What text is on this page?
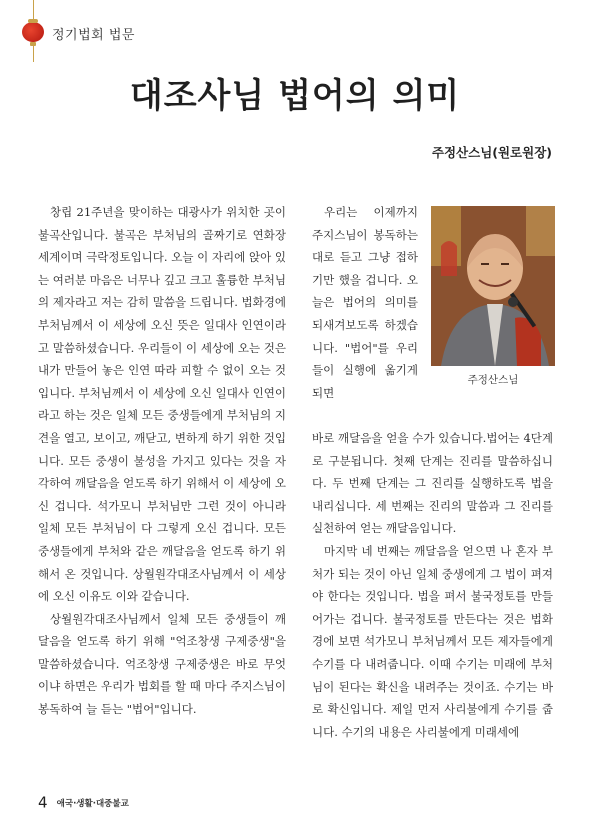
정기법회 법문
대조사님 법어의 의미
주정산스님(원로원장)

창립 21주년을 맞이하는 대광사가 위치한 곳이 불곡산입니다. 불곡은 부처님의 골짜기로 연화장 세계이며 극락정토입니다. 오늘 이 자리에 앉아 있는 여러분 마음은 너무나 깊고 크고 훌륭한 부처님의 제자라고 저는 감히 말씀을 드립니다. 법화경에 부처님께서 이 세상에 오신 뜻은 일대사 인연이라고 말씀하셨습니다. 우리들이 이 세상에 오는 것은 내가 만들어 놓은 인연 따라 피할 수 없이 오는 것입니다. 부처님께서 이 세상에 오신 일대사 인연이라고 하는 것은 일체 모든 중생들에게 부처님의 지견을 열고, 보이고, 깨닫고, 변하게 하기 위한 것입니다. 모든 중생이 불성을 가지고 있다는 것을 자각하여 깨달음을 얻도록 하기 위해서 이 세상에 오신 겁니다. 석가모니 부처님만 그런 것이 아니라 일체 모든 부처님이 다 그렇게 오신 겁니다. 모든 중생들에게 부처와 같은 깨달음을 얻도록 하기 위해서 온 것입니다. 상월원각대조사님께서 이 세상에 오신 이유도 이와 같습니다.

상월원각대조사님께서 일체 모든 중생들이 깨달음을 얻도록 하기 위해 "억조창생 구제중생"을 말씀하셨습니다. 억조창생 구제중생은 바로 무엇이냐 하면은 우리가 법회를 할 때 마다 주지스님이 봉독하여 늘 듣는 "법어"입니다.

우리는 이제까지 주지스님이 봉독하는 대로 듣고 그냥 접하기만 했을 겁니다. 오늘은 법어의 의미를 되새겨보도록 하겠습니다. "법어"를 우리들이 실행에 옮기게 되면

주정산스님

바로 깨달음을 얻을 수가 있습니다.법어는 4단계로 구분됩니다. 첫째 단계는 진리를 말씀하십니다. 두 번째 단계는 그 진리를 실행하도록 법을 내리십니다. 세 번째는 진리의 말씀과 그 진리를 실천하여 얻는 깨달음입니다.

마지막 네 번째는 깨달음을 얻으면 나 혼자 부처가 되는 것이 아닌 일체 중생에게 그 법이 펴져야 한다는 것입니다. 법을 펴서 불국정토를 만들어가는 겁니다. 불국정토를 만든다는 것은 법화경에 보면 석가모니 부처님께서 모든 제자들에게 수기를 다 내려줍니다. 이때 수기는 미래에 부처님이 된다는 확신을 내려주는 것이죠. 수기는 바로 확신입니다. 제일 먼저 사리불에게 수기를 줍니다. 수기의 내용은 사리불에게 미래세에

4 애국·생활·대중불교
